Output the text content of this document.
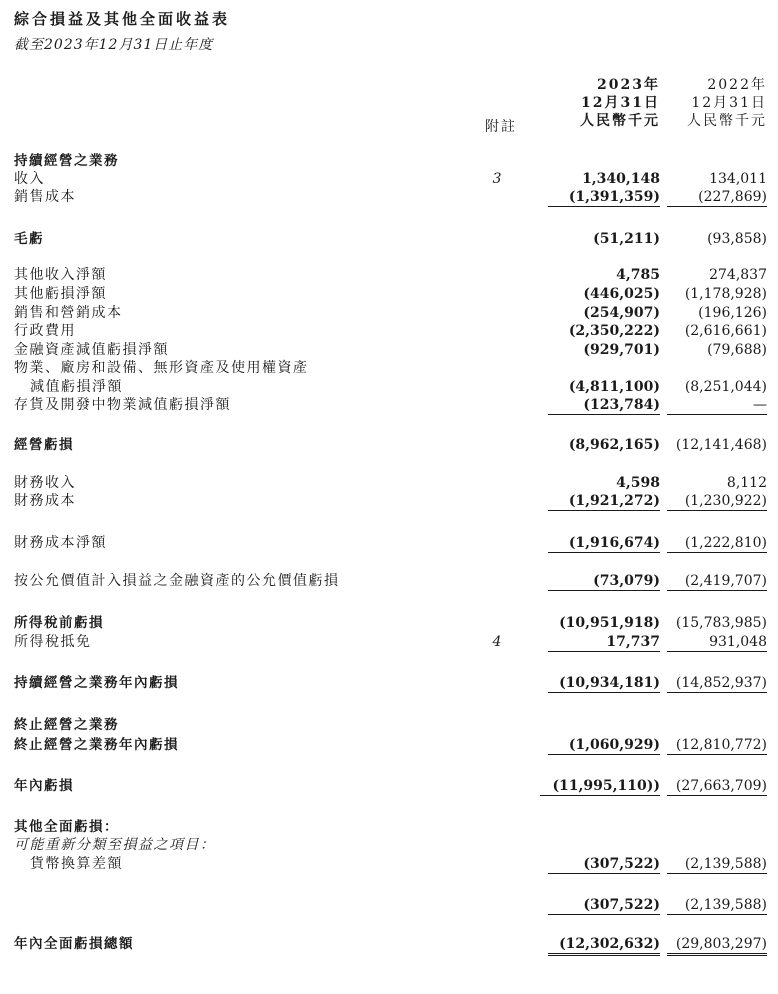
綜合損益及其他全面收益表
截至2023年12月31日止年度
附註
2023年
12月31日
人民幣千元
2022年
12月31日
人民幣千元
持續經營之業務
收入	3	1,340,148	134,011
銷售成本	(1,391,359)	(227,869)
毛虧	(51,211)	(93,858)
其他收入淨額	4,785	274,837
其他虧損淨額	(446,025)	(1,178,928)
銷售和營銷成本	(254,907)	(196,126)
行政費用	(2,350,222)	(2,616,661)
金融資產減值虧損淨額	(929,701)	(79,688)
物業、廠房和設備、無形資產及使用權資產
減值虧損淨額	(4,811,100)	(8,251,044)
存貨及開發中物業減值虧損淨額	(123,784)	—
經營虧損	(8,962,165)	(12,141,468)
財務收入	4,598	8,112
財務成本	(1,921,272)	(1,230,922)
財務成本淨額	(1,916,674)	(1,222,810)
按公允價值計入損益之金融資產的公允價值虧損	(73,079)	(2,419,707)
所得稅前虧損	(10,951,918)	(15,783,985)
所得稅抵免	4	17,737	931,048
持續經營之業務年內虧損	(10,934,181)	(14,852,937)
終止經營之業務
終止經營之業務年內虧損	(1,060,929)	(12,810,772)
年內虧損	(11,995,110))	(27,663,709)
其他全面虧損：
可能重新分類至損益之項目：
貨幣換算差額	(307,522)	(2,139,588)
(307,522)	(2,139,588)
年內全面虧損總額	(12,302,632)	(29,803,297)
